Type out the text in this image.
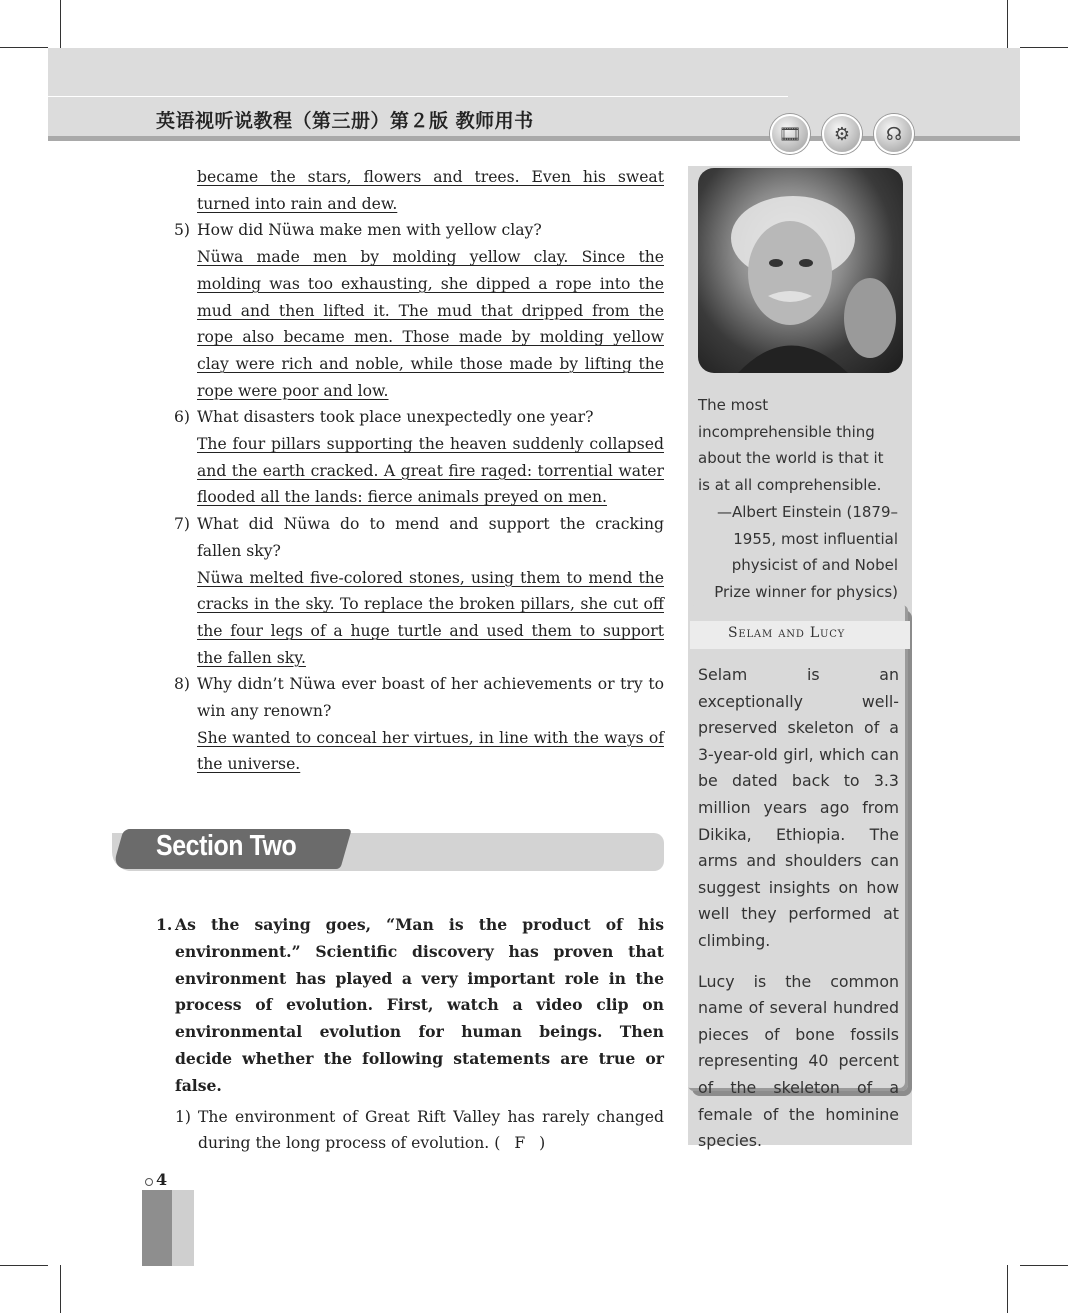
英语视听说教程（第三册）第２版 教师用书
🎞	⚙	☊
became the stars, flowers and trees. Even his sweat turned into rain and dew.
5) How did Nüwa make men with yellow clay?
Nüwa made men by molding yellow clay. Since the molding was too exhausting, she dipped a rope into the mud and then lifted it. The mud that dripped from the rope also became men. Those made by molding yellow clay were rich and noble, while those made by lifting the rope were poor and low.
6) What disasters took place unexpectedly one year?
The four pillars supporting the heaven suddenly collapsed and the earth cracked. A great fire raged: torrential water flooded all the lands: fierce animals preyed on men.
7) What did Nüwa do to mend and support the cracking fallen sky?
Nüwa melted five-colored stones, using them to mend the cracks in the sky. To replace the broken pillars, she cut off the four legs of a huge turtle and used them to support the fallen sky.
8) Why didn’t Nüwa ever boast of her achievements or try to win any renown?
She wanted to conceal her virtues, in line with the ways of the universe.
Section Two
1. As the saying goes, “Man is the product of his environment.” Scientific discovery has proven that environment has played a very important role in the process of evolution. First, watch a video clip on environmental evolution for human beings. Then decide whether the following statements are true or false.
1) The environment of Great Rift Valley has rarely changed during the long process of evolution. ( F )
The most incomprehensible thing about the world is that it is at all comprehensible.
—Albert Einstein (1879–1955, most influential physicist of and Nobel Prize winner for physics)
Selam and Lucy

Selam is an exceptionally well-preserved skeleton of a 3-year-old girl, which can be dated back to 3.3 million years ago from Dikika, Ethiopia. The arms and shoulders can suggest insights on how well they performed at climbing.

Lucy is the common name of several hundred pieces of bone fossils representing 40 percent of the skeleton of a female of the hominine species.

4
